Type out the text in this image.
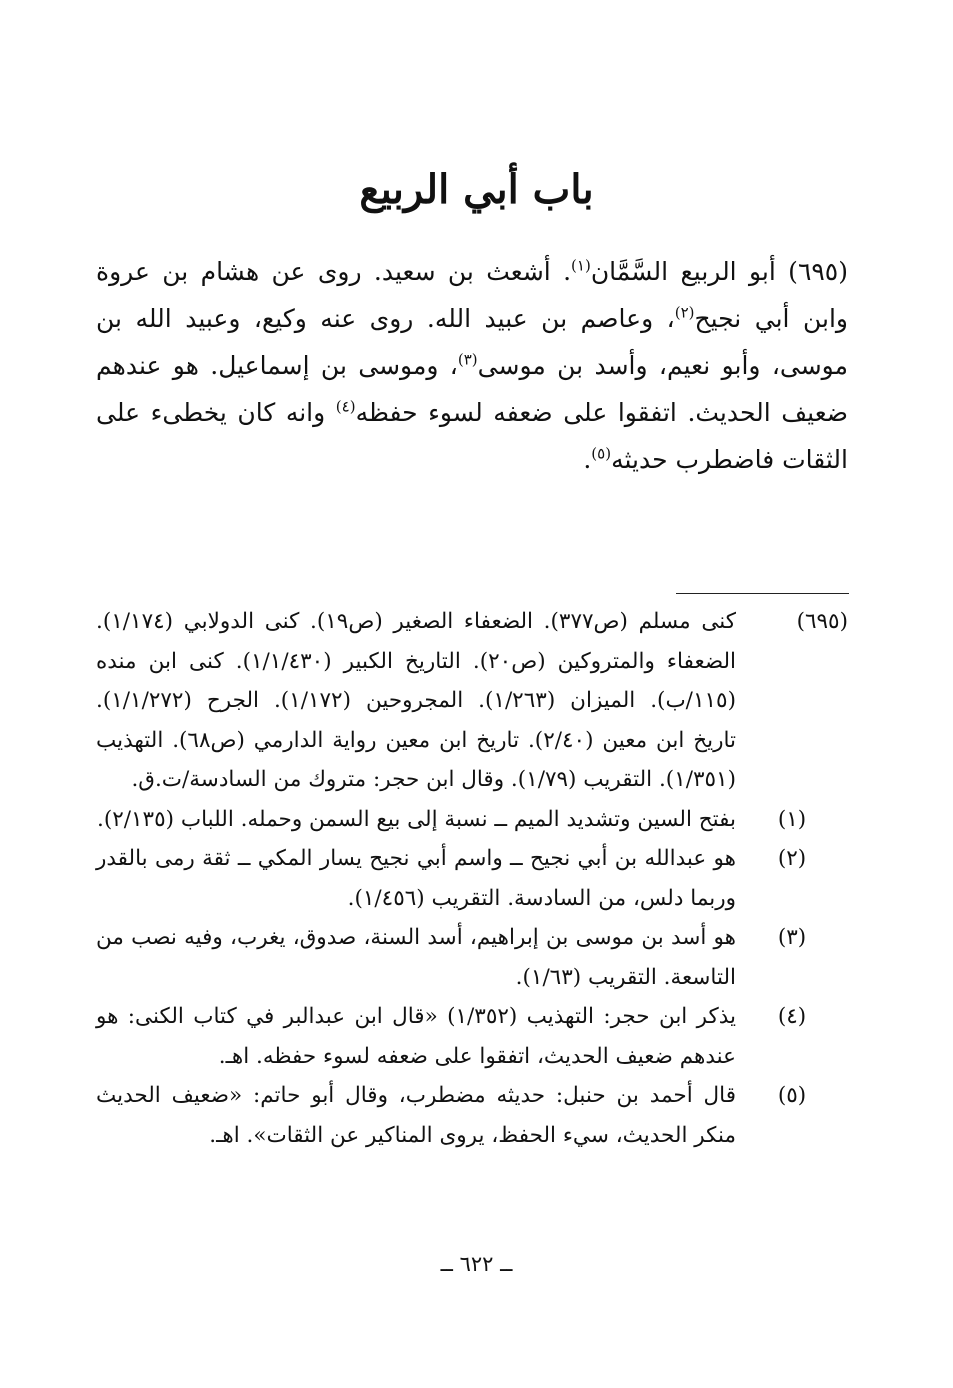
باب أبي الربيع

(٦٩٥) أبو الربيع السَّمَّان$^{(١)}$. أشعث بن سعيد. روى عن هشام بن عروة وابن أبي نجيح$^{(٢)}$، وعاصم بن عبيد الله. روى عنه وكيع، وعبيد الله بن موسى، وأبو نعيم، وأسد بن موسى$^{(٣)}$، وموسى بن إسماعيل. هو عندهم ضعيف الحديث. اتفقوا على ضعفه لسوء حفظه$^{(٤)}$ وانه كان يخطىء على الثقات فاضطرب حديثه$^{(٥)}$.

(٦٩٥)
كنى مسلم (ص٣٧٧). الضعفاء الصغير (ص١٩). كنى الدولابي (١/١٧٤). الضعفاء والمتروكين (ص٢٠). التاريخ الكبير (١/١/٤٣٠). كنى ابن منده (١١٥/ب). الميزان (١/٢٦٣). المجروحين (١/١٧٢). الجرح (١/١/٢٧٢). تاريخ ابن معين (٢/٤٠). تاريخ ابن معين رواية الدارمي (ص٦٨). التهذيب (١/٣٥١). التقريب (١/٧٩). وقال ابن حجر: متروك من السادسة/ت.ق.
(١)
بفتح السين وتشديد الميم ــ نسبة إلى بيع السمن وحمله. اللباب (٢/١٣٥).
(٢)
هو عبدالله بن أبي نجيح ــ واسم أبي نجيح يسار المكي ــ ثقة رمى بالقدر وربما دلس، من السادسة. التقريب (١/٤٥٦).
(٣)
هو أسد بن موسى بن إبراهيم، أسد السنة، صدوق، يغرب، وفيه نصب من التاسعة. التقريب (١/٦٣).
(٤)
يذكر ابن حجر: التهذيب (١/٣٥٢) «قال ابن عبدالبر في كتاب الكنى: هو عندهم ضعيف الحديث، اتفقوا على ضعفه لسوء حفظه. اهـ.
(٥)
قال أحمد بن حنبل: حديثه مضطرب، وقال أبو حاتم: «ضعيف الحديث منكر الحديث، سيء الحفظ، يروى المناكير عن الثقات». اهـ.
ــ ٦٢٢ ــ
